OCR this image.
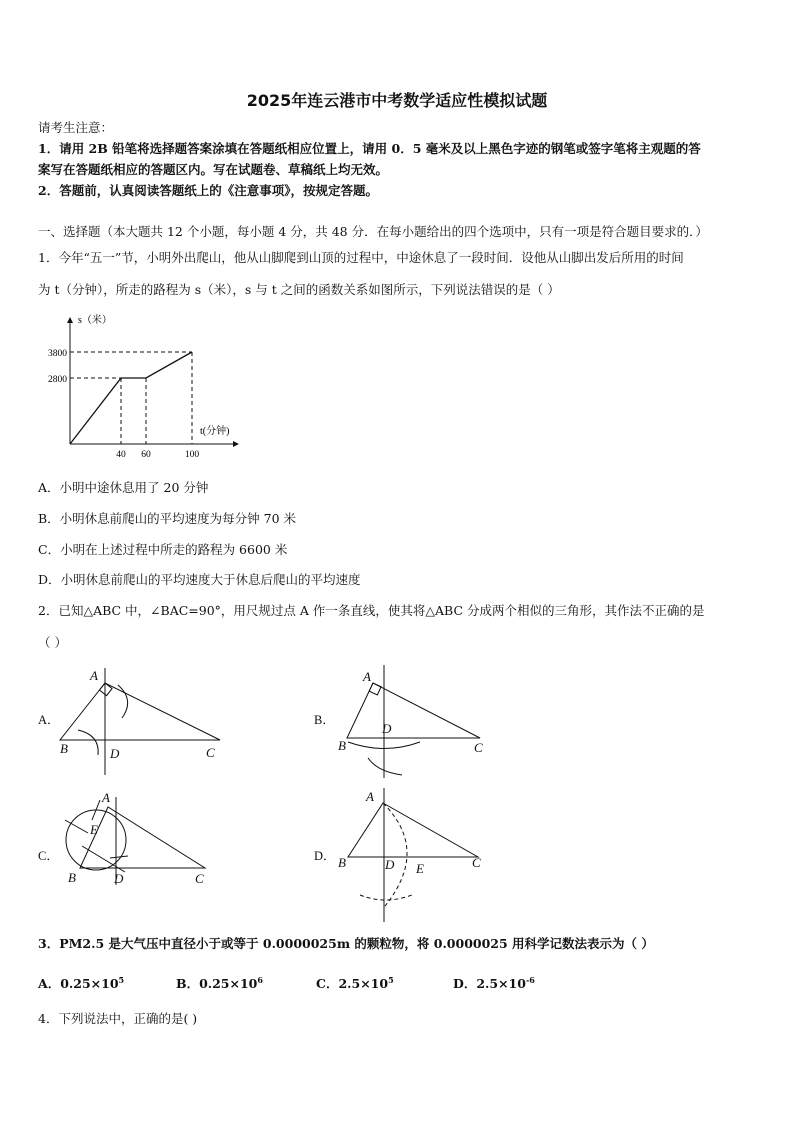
2025年连云港市中考数学适应性模拟试题
请考生注意：
1．请用 2B 铅笔将选择题答案涂填在答题纸相应位置上，请用 0．5 毫米及以上黑色字迹的钢笔或签字笔将主观题的答
案写在答题纸相应的答题区内。写在试题卷、草稿纸上均无效。
2．答题前，认真阅读答题纸上的《注意事项》，按规定答题。
一、选择题（本大题共 12 个小题，每小题 4 分，共 48 分．在每小题给出的四个选项中，只有一项是符合题目要求的．）
1．今年“五一”节，小明外出爬山，他从山脚爬到山顶的过程中，中途休息了一段时间．设他从山脚出发后所用的时间
为 t（分钟），所走的路程为 s（米），s 与 t 之间的函数关系如图所示，下列说法错误的是（ ）
s（米）
t(分钟)
3800
2800
40 60	100
A．小明中途休息用了 20 分钟
B．小明休息前爬山的平均速度为每分钟 70 米
C．小明在上述过程中所走的路程为 6600 米
D．小明休息前爬山的平均速度大于休息后爬山的平均速度
2．已知△ABC 中，∠BAC=90°，用尺规过点 A 作一条直线，使其将△ABC 分成两个相似的三角形，其作法不正确的是
（ ）
A
B	D	C
A
B
D
C
A
E
B	D	C
A
B	D E	C
A．	B．
C．	D．
3．PM2.5 是大气压中直径小于或等于 0.0000025m 的颗粒物，将 0.0000025 用科学记数法表示为（ ）
A．$0.25\times 10^5$	B．$0.25\times 10^6$	C．$2.5\times 10^5$	D．$2.5\times 10^{-6}$
4．下列说法中，正确的是( )
